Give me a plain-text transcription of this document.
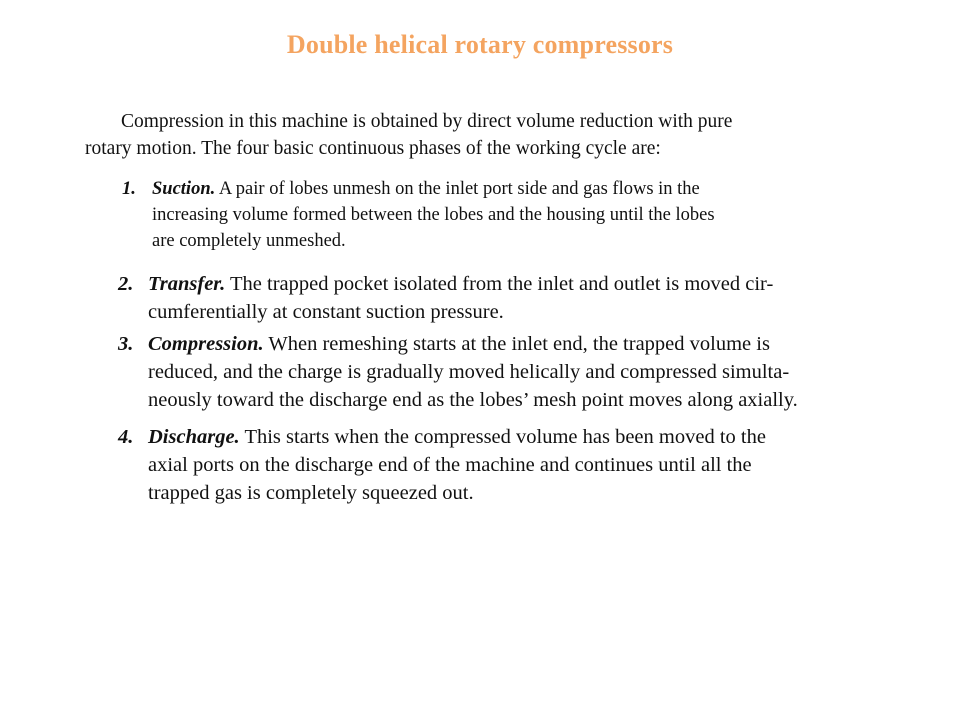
Double helical rotary compressors
Compression in this machine is obtained by direct volume reduction with pure
rotary motion. The four basic continuous phases of the working cycle are:
1. Suction. A pair of lobes unmesh on the inlet port side and gas flows in the
increasing volume formed between the lobes and the housing until the lobes
are completely unmeshed.
2. Transfer. The trapped pocket isolated from the inlet and outlet is moved cir-
cumferentially at constant suction pressure.
3. Compression. When remeshing starts at the inlet end, the trapped volume is
reduced, and the charge is gradually moved helically and compressed simulta-
neously toward the discharge end as the lobes’ mesh point moves along axially.
4. Discharge. This starts when the compressed volume has been moved to the
axial ports on the discharge end of the machine and continues until all the
trapped gas is completely squeezed out.
